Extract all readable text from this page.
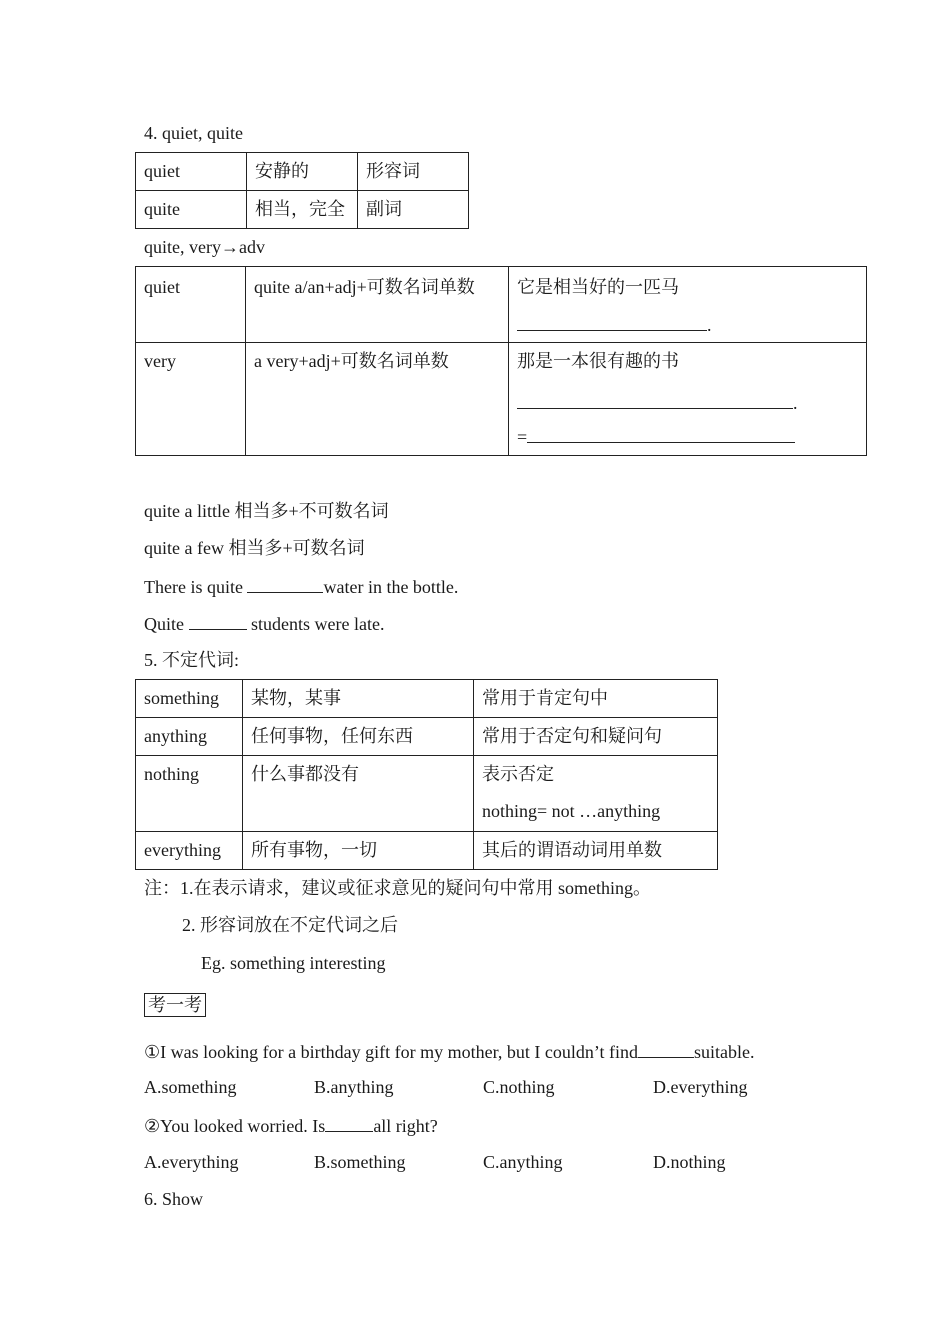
4. quiet, quite
quiet	安静的	形容词
quite	相当，完全	副词
quite, very→adv
quiet	quite a/an+adj+可数名词单数	它是相当好的一匹马
.

very	a very+adj+可数名词单数	那是一本很有趣的书
.
=
quite a little 相当多+不可数名词
quite a few 相当多+可数名词
There is quite	water in the bottle.
Quite	students were late.
5. 不定代词:
something	某物，某事	常用于肯定句中
anything	任何事物，任何东西	常用于否定句和疑问句
nothing	什么事都没有	表示否定
nothing= not …anything

everything	所有事物，一切	其后的谓语动词用单数
注：1.在表示请求，建议或征求意见的疑问句中常用 something。
2. 形容词放在不定代词之后
Eg. something interesting
考一考
①I was looking for a birthday gift for my mother, but I couldn’t find	suitable.
A.something	B.anything	C.nothing	D.everything
②You looked worried. Is	all right?
A.everything	B.something	C.anything	D.nothing
6. Show
